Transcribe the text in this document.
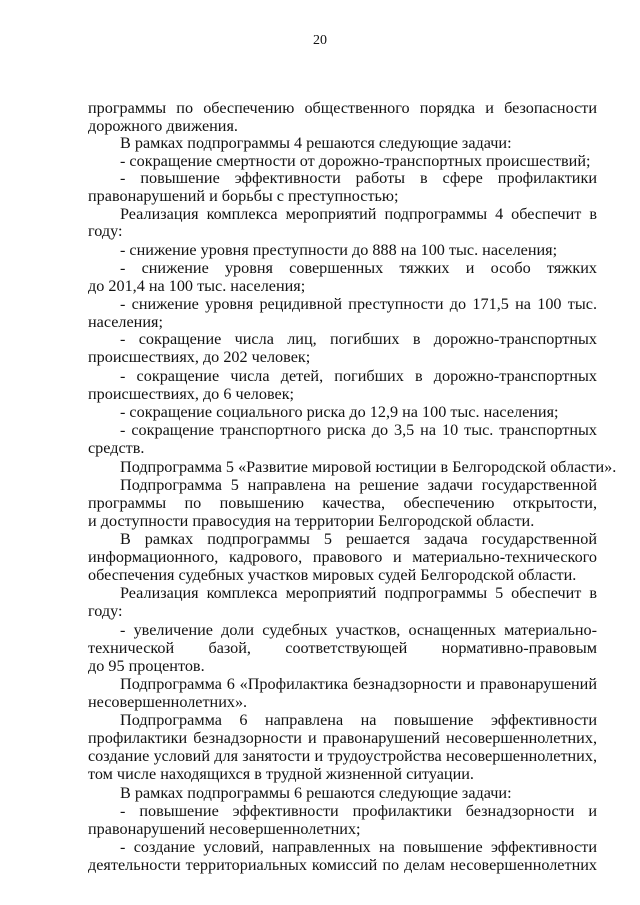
20
программы по обеспечению общественного порядка и безопасности
дорожного движения.
В рамках подпрограммы 4 решаются следующие задачи:
- сокращение смертности от дорожно-транспортных происшествий;
- повышение эффективности работы в сфере профилактики
правонарушений и борьбы с преступностью;
Реализация комплекса мероприятий подпрограммы 4 обеспечит в
году:
- снижение уровня преступности до 888 на 100 тыс. населения;
- снижение уровня совершенных тяжких и особо тяжких
до 201,4 на 100 тыс. населения;
- снижение уровня рецидивной преступности до 171,5 на 100 тыс.
населения;
- сокращение числа лиц, погибших в дорожно-транспортных
происшествиях, до 202 человек;
- сокращение числа детей, погибших в дорожно-транспортных
происшествиях, до 6 человек;
- сокращение социального риска до 12,9 на 100 тыс. населения;
- сокращение транспортного риска до 3,5 на 10 тыс. транспортных
средств.
Подпрограмма 5 «Развитие мировой юстиции в Белгородской области».
Подпрограмма 5 направлена на решение задачи государственной
программы по повышению качества, обеспечению открытости,
и доступности правосудия на территории Белгородской области.
В рамках подпрограммы 5 решается задача государственной
информационного, кадрового, правового и материально-технического
обеспечения судебных участков мировых судей Белгородской области.
Реализация комплекса мероприятий подпрограммы 5 обеспечит в
году:
- увеличение доли судебных участков, оснащенных материально-
технической базой, соответствующей нормативно-правовым
до 95 процентов.
Подпрограмма 6 «Профилактика безнадзорности и правонарушений
несовершеннолетних».
Подпрограмма 6 направлена на повышение эффективности
профилактики безнадзорности и правонарушений несовершеннолетних,
создание условий для занятости и трудоустройства несовершеннолетних,
том числе находящихся в трудной жизненной ситуации.
В рамках подпрограммы 6 решаются следующие задачи:
- повышение эффективности профилактики безнадзорности и
правонарушений несовершеннолетних;
- создание условий, направленных на повышение эффективности
деятельности территориальных комиссий по делам несовершеннолетних
